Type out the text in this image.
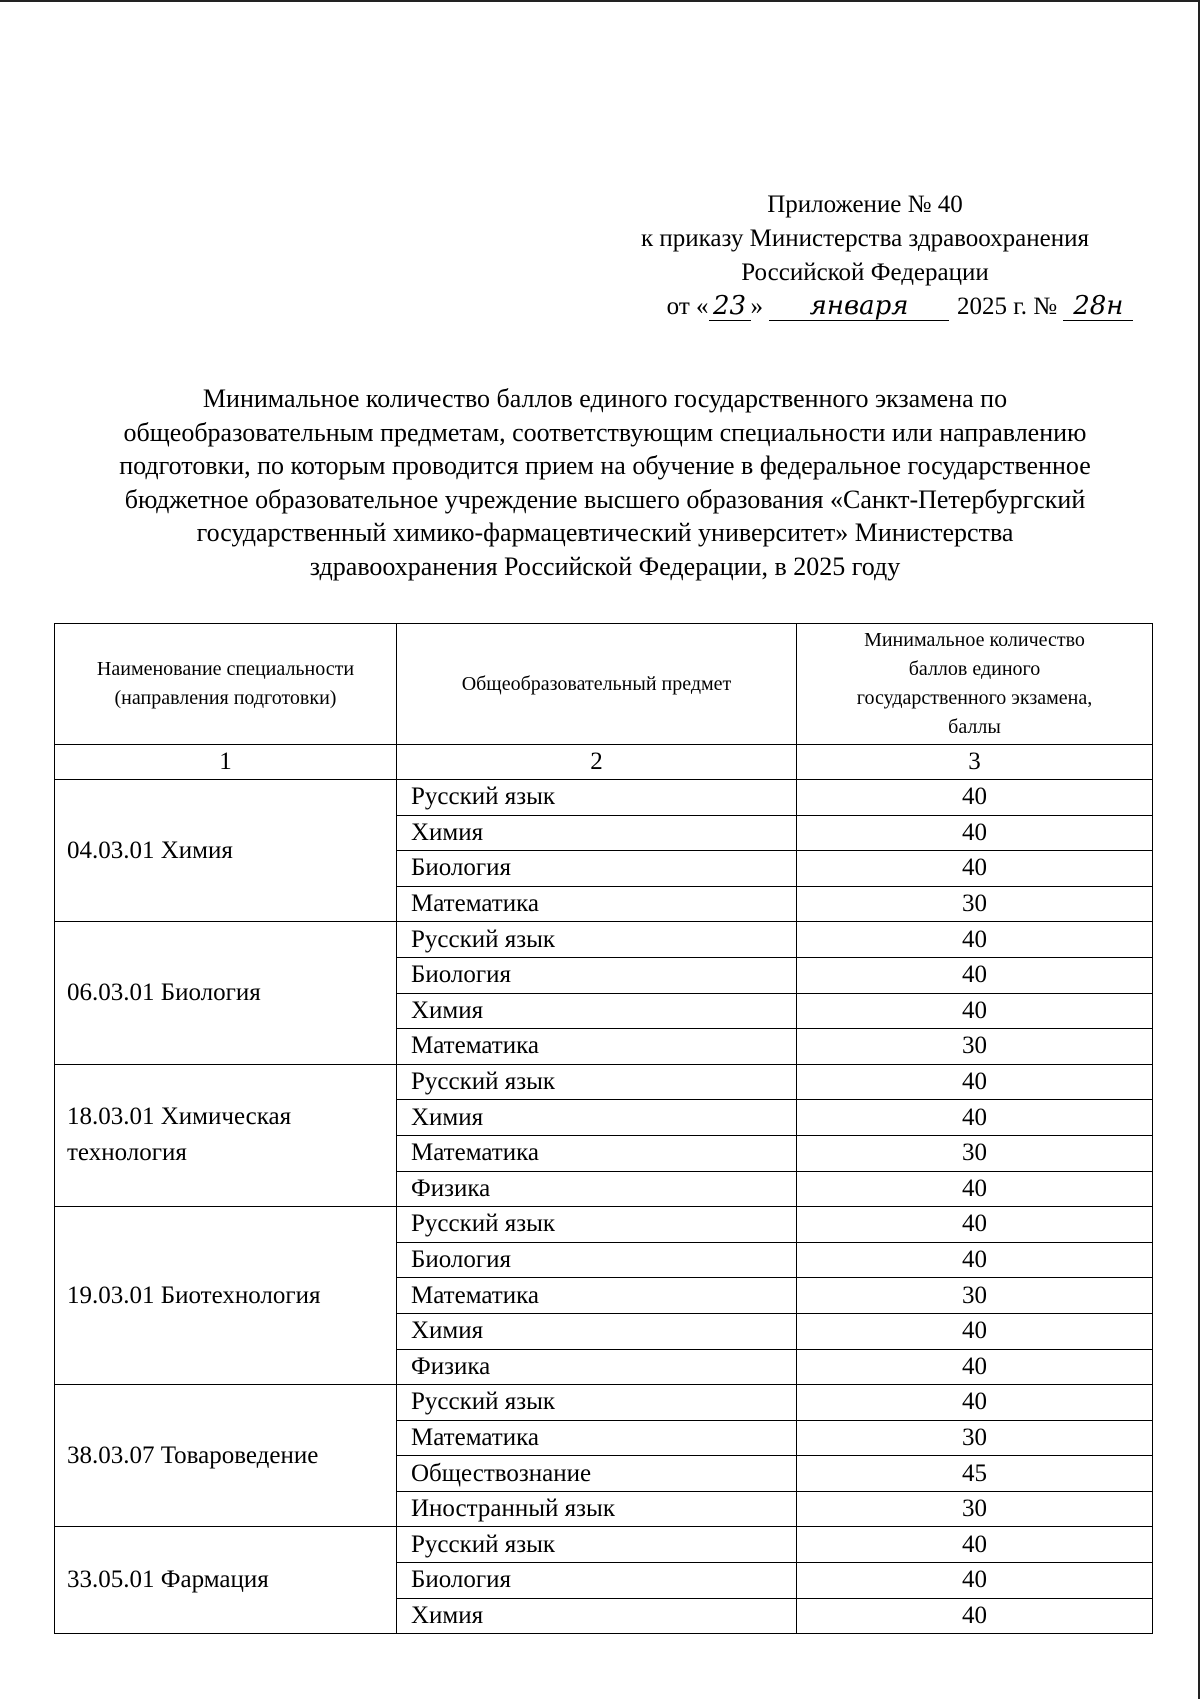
Приложение № 40
к приказу Министерства здравоохранения
Российской Федерации
от « 23 » января 2025 г. № 28н
Минимальное количество баллов единого государственного экзамена по
общеобразовательным предметам, соответствующим специальности или направлению
подготовки, по которым проводится прием на обучение в федеральное государственное
бюджетное образовательное учреждение высшего образования «Санкт-Петербургский
государственный химико-фармацевтический университет» Министерства
здравоохранения Российской Федерации, в 2025 году
Наименование специальности
(направления подготовки)	Общеобразовательный предмет	Минимальное количество
баллов единого
государственного экзамена,
баллы
1	2	3
04.03.01 Химия	Русский язык	40
	Химия	40
	Биология	40
	Математика	30
06.03.01 Биология	Русский язык	40
	Биология	40
	Химия	40
	Математика	30
18.03.01 Химическая
технология	Русский язык	40
	Химия	40
	Математика	30
	Физика	40
19.03.01 Биотехнология	Русский язык	40
	Биология	40
	Математика	30
	Химия	40
	Физика	40
38.03.07 Товароведение	Русский язык	40
	Математика	30
	Обществознание	45
	Иностранный язык	30
33.05.01 Фармация	Русский язык	40
	Биология	40
	Химия	40
